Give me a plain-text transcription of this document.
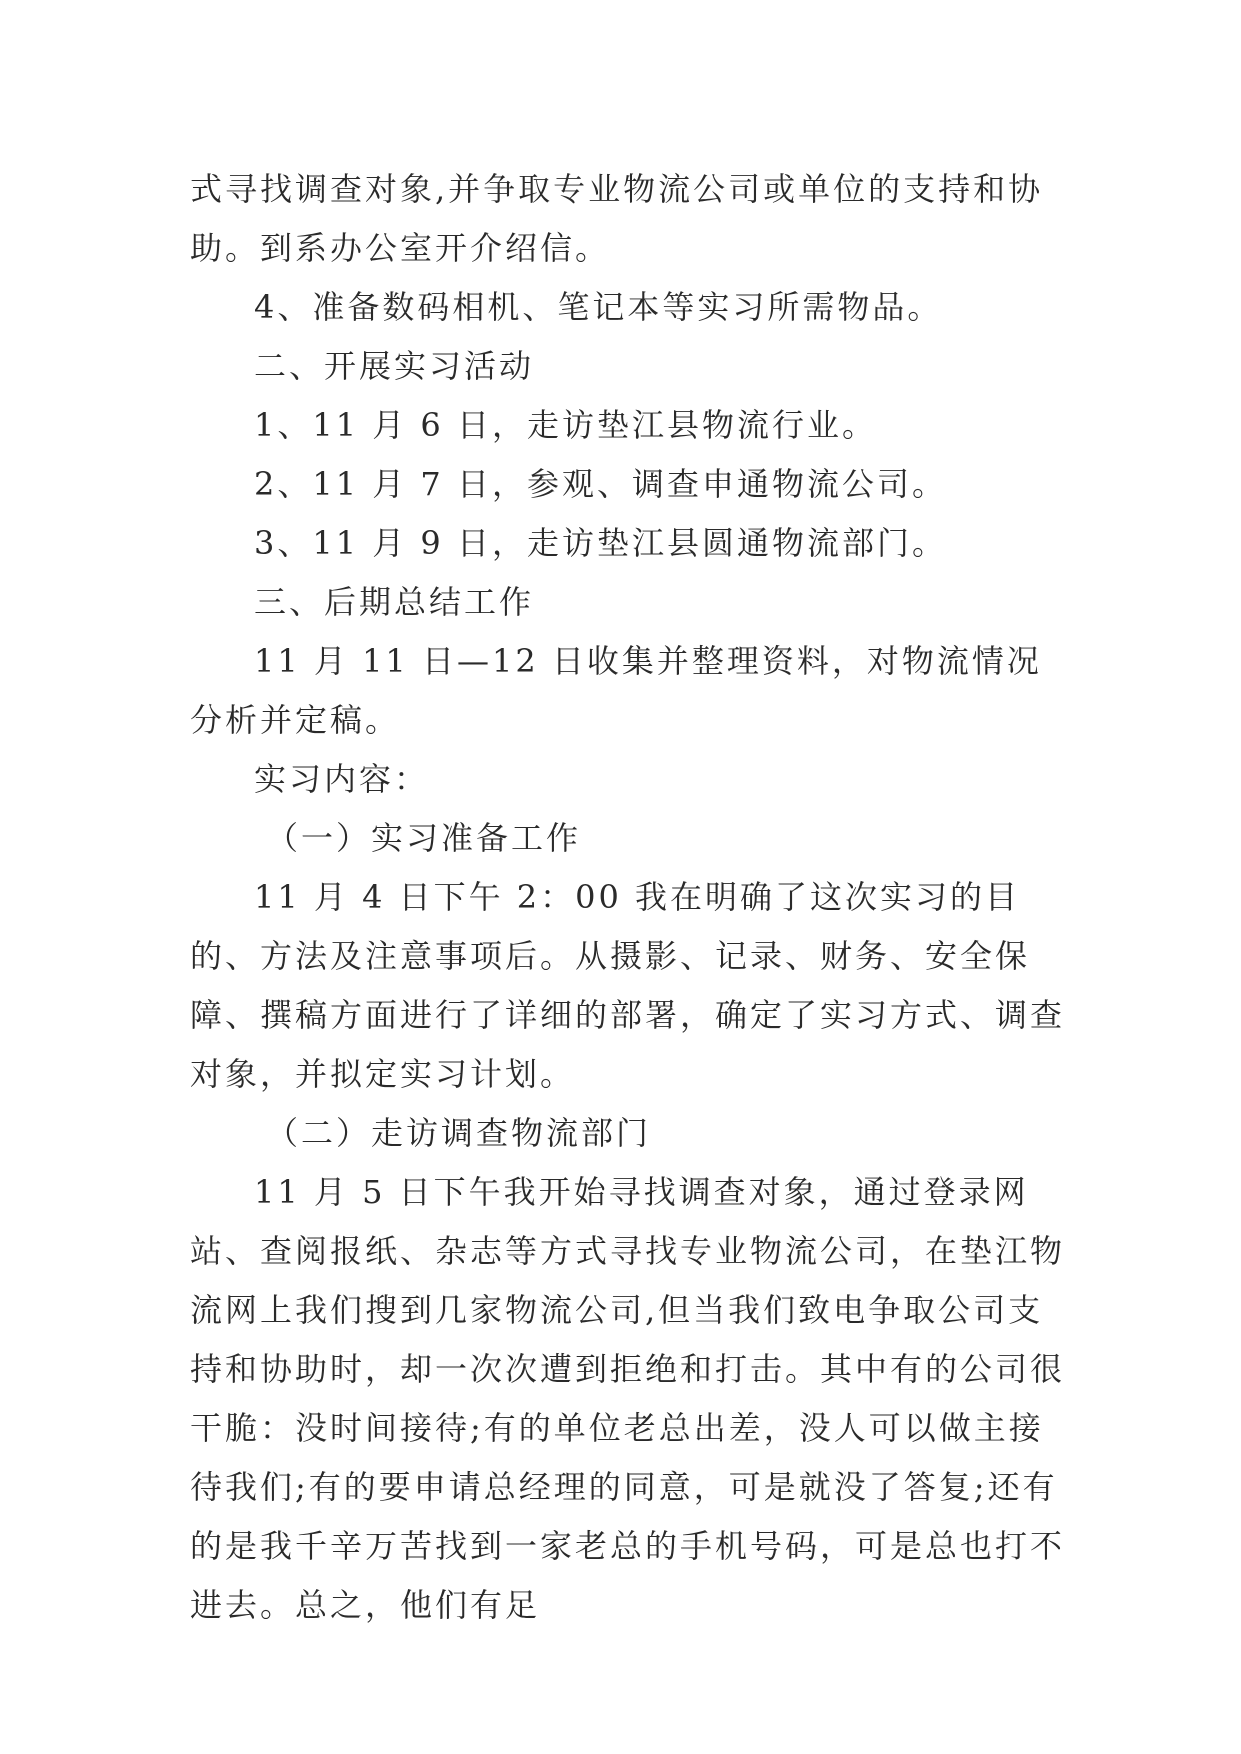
式寻找调查对象,并争取专业物流公司或单位的支持和协助。到系办公室开介绍信。

4、准备数码相机、笔记本等实习所需物品。

二、开展实习活动

1、11 月 6 日，走访垫江县物流行业。

2、11 月 7 日，参观、调查申通物流公司。

3、11 月 9 日，走访垫江县圆通物流部门。

三、后期总结工作

11 月 11 日—12 日收集并整理资料，对物流情况分析并定稿。

实习内容：

（一）实习准备工作

11 月 4 日下午 2：00 我在明确了这次实习的目的、方法及注意事项后。从摄影、记录、财务、安全保障、撰稿方面进行了详细的部署，确定了实习方式、调查对象，并拟定实习计划。

（二）走访调查物流部门

11 月 5 日下午我开始寻找调查对象，通过登录网站、查阅报纸、杂志等方式寻找专业物流公司，在垫江物流网上我们搜到几家物流公司,但当我们致电争取公司支持和协助时，却一次次遭到拒绝和打击。其中有的公司很干脆：没时间接待;有的单位老总出差，没人可以做主接待我们;有的要申请总经理的同意，可是就没了答复;还有的是我千辛万苦找到一家老总的手机号码，可是总也打不进去。总之，他们有足
